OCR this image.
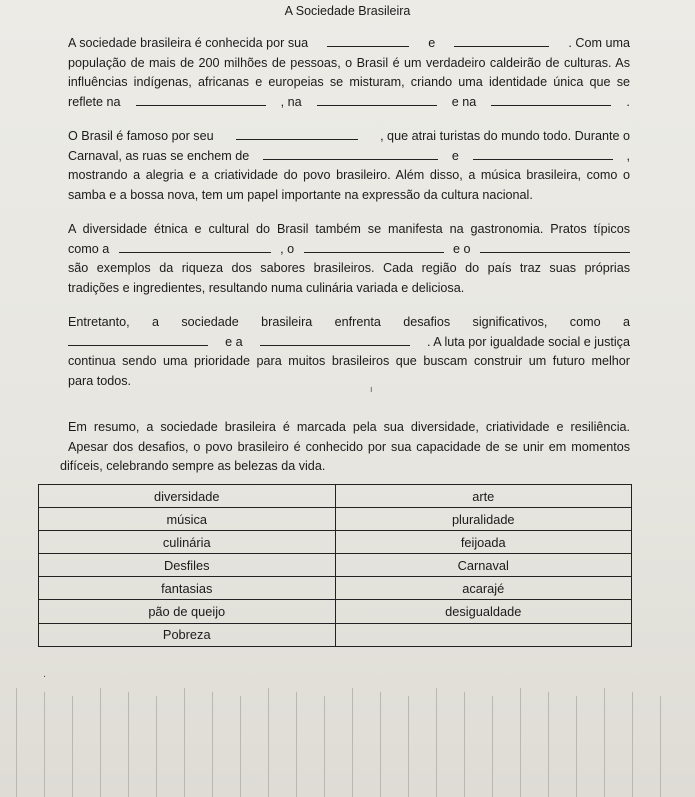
A Sociedade Brasileira
A sociedade brasileira é conhecida por sua	e	. Com uma
população de mais de 200 milhões de pessoas, o Brasil é um verdadeiro caldeirão de culturas. As
influências indígenas, africanas e europeias se misturam, criando uma identidade única que se
reflete na	, na	e na	.
O Brasil é famoso por seu	, que atrai turistas do mundo todo. Durante o
Carnaval, as ruas se enchem de	e	,
mostrando a alegria e a criatividade do povo brasileiro. Além disso, a música brasileira, como o
samba e a bossa nova, tem um papel importante na expressão da cultura nacional.
A diversidade étnica e cultural do Brasil também se manifesta na gastronomia. Pratos típicos
como a	, o	e o
são exemplos da riqueza dos sabores brasileiros. Cada região do país traz suas próprias
tradições e ingredientes, resultando numa culinária variada e deliciosa.
Entretanto, a sociedade brasileira enfrenta desafios significativos, como a
e a	. A luta por igualdade social e justiça
continua sendo uma prioridade para muitos brasileiros que buscam construir um futuro melhor
para todos.
ı
Em resumo, a sociedade brasileira é marcada pela sua diversidade, criatividade e resiliência.
Apesar dos desafios, o povo brasileiro é conhecido por sua capacidade de se unir em momentos
difíceis, celebrando sempre as belezas da vida.
diversidade	arte
música	pluralidade
culinária	feijoada
Desfiles	Carnaval
fantasias	acarajé
pão de queijo	desigualdade
Pobreza	
.
